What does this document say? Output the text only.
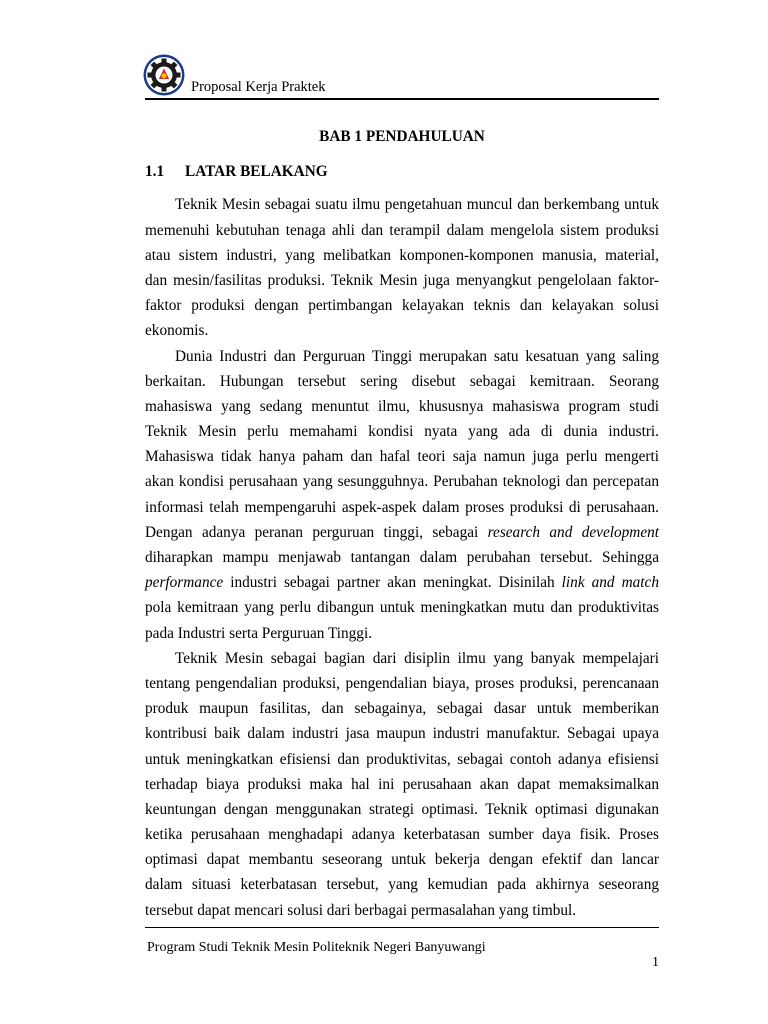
Proposal Kerja Praktek
BAB 1 PENDAHULUAN
1.1 LATAR BELAKANG
Teknik Mesin sebagai suatu ilmu pengetahuan muncul dan berkembang untuk
memenuhi kebutuhan tenaga ahli dan terampil dalam mengelola sistem produksi
atau sistem industri, yang melibatkan komponen-komponen manusia, material,
dan mesin/fasilitas produksi. Teknik Mesin juga menyangkut pengelolaan faktor-
faktor produksi dengan pertimbangan kelayakan teknis dan kelayakan solusi
ekonomis.
Dunia Industri dan Perguruan Tinggi merupakan satu kesatuan yang saling
berkaitan. Hubungan tersebut sering disebut sebagai kemitraan. Seorang
mahasiswa yang sedang menuntut ilmu, khususnya mahasiswa program studi
Teknik Mesin perlu memahami kondisi nyata yang ada di dunia industri.
Mahasiswa tidak hanya paham dan hafal teori saja namun juga perlu mengerti
akan kondisi perusahaan yang sesungguhnya. Perubahan teknologi dan percepatan
informasi telah mempengaruhi aspek-aspek dalam proses produksi di perusahaan.
Dengan adanya peranan perguruan tinggi, sebagai research and development
diharapkan mampu menjawab tantangan dalam perubahan tersebut. Sehingga
performance industri sebagai partner akan meningkat. Disinilah link and match
pola kemitraan yang perlu dibangun untuk meningkatkan mutu dan produktivitas
pada Industri serta Perguruan Tinggi.
Teknik Mesin sebagai bagian dari disiplin ilmu yang banyak mempelajari
tentang pengendalian produksi, pengendalian biaya, proses produksi, perencanaan
produk maupun fasilitas, dan sebagainya, sebagai dasar untuk memberikan
kontribusi baik dalam industri jasa maupun industri manufaktur. Sebagai upaya
untuk meningkatkan efisiensi dan produktivitas, sebagai contoh adanya efisiensi
terhadap biaya produksi maka hal ini perusahaan akan dapat memaksimalkan
keuntungan dengan menggunakan strategi optimasi. Teknik optimasi digunakan
ketika perusahaan menghadapi adanya keterbatasan sumber daya fisik. Proses
optimasi dapat membantu seseorang untuk bekerja dengan efektif dan lancar
dalam situasi keterbatasan tersebut, yang kemudian pada akhirnya seseorang
tersebut dapat mencari solusi dari berbagai permasalahan yang timbul.
Program Studi Teknik Mesin Politeknik Negeri Banyuwangi
1
